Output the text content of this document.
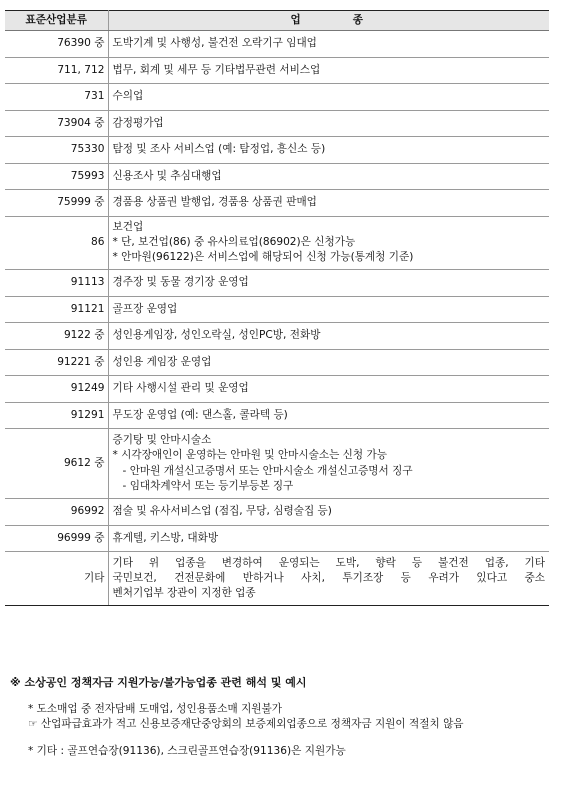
표준산업분류	업종
76390 중	도박기계 및 사행성, 불건전 오락기구 임대업

711, 712	법무, 회계 및 세무 등 기타법무관련 서비스업

731	수의업

73904 중	감정평가업

75330	탐정 및 조사 서비스업 (예: 탐정업, 흥신소 등)

75993	신용조사 및 추심대행업

75999 중	경품용 상품권 발행업, 경품용 상품권 판매업

86	보건업
* 단, 보건업(86) 중 유사의료업(86902)은 신청가능
* 안마원(96122)은 서비스업에 해당되어 신청 가능(통계청 기준)

91113	경주장 및 동물 경기장 운영업

91121	골프장 운영업

9122 중	성인용게임장, 성인오락실, 성인PC방, 전화방

91221 중	성인용 게임장 운영업

91249	기타 사행시설 관리 및 운영업

91291	무도장 운영업 (예: 댄스홀, 콜라텍 등)

9612 중	증기탕 및 안마시술소
* 시각장애인이 운영하는 안마원 및 안마시술소는 신청 가능
- 안마원 개설신고증명서 또는 안마시술소 개설신고증명서 징구
- 임대차계약서 또는 등기부등본 징구

96992	점술 및 유사서비스업 (점집, 무당, 심령술집 등)

96999 중	휴게텔, 키스방, 대화방

기타	기타 위 업종을 변경하여 운영되는 도박, 향락 등 불건전 업종, 기타
국민보건, 건전문화에 반하거나 사치, 투기조장 등 우려가 있다고 중소
벤처기업부 장관이 지정한 업종
※ 소상공인 정책자금 지원가능/불가능업종 관련 해석 및 예시
* 도소매업 중 전자담배 도매업, 성인용품소매 지원불가
☞ 산업파급효과가 적고 신용보증재단중앙회의 보증제외업종으로 정책자금 지원이 적절치 않음
* 기타 : 골프연습장(91136), 스크린골프연습장(91136)은 지원가능
